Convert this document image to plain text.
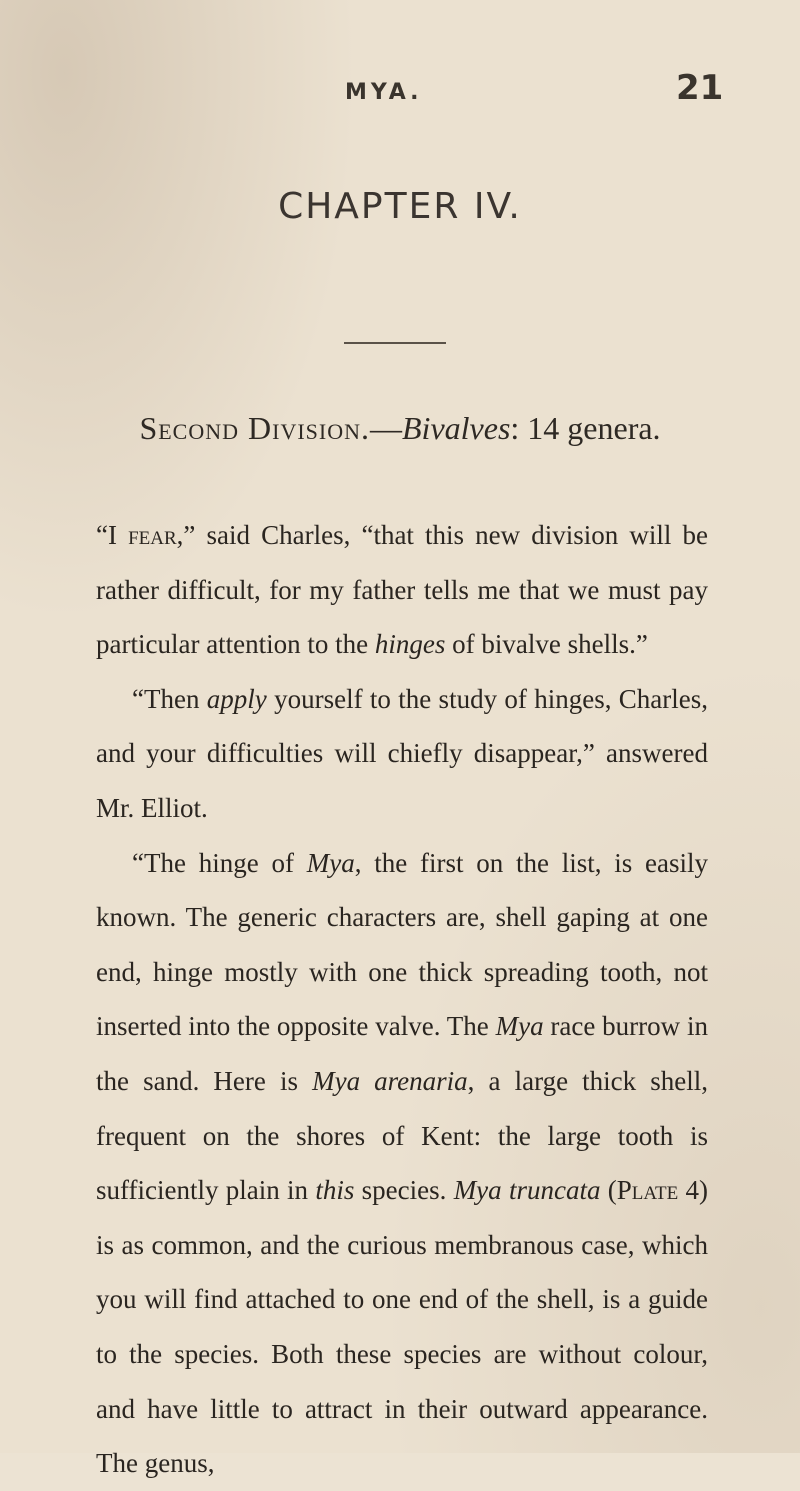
MYA.	21
CHAPTER IV.
Second Division.—Bivalves: 14 genera.

“I fear,” said Charles, “that this new division will be rather difficult, for my father tells me that we must pay particular attention to the hinges of bivalve shells.”

“Then apply yourself to the study of hinges, Charles, and your difficulties will chiefly disappear,” answered Mr. Elliot.

“The hinge of Mya, the first on the list, is easily known. The generic characters are, shell gaping at one end, hinge mostly with one thick spreading tooth, not inserted into the opposite valve. The Mya race burrow in the sand. Here is Mya arenaria, a large thick shell, frequent on the shores of Kent: the large tooth is sufficiently plain in this species. Mya truncata (Plate 4) is as common, and the curious membranous case, which you will find attached to one end of the shell, is a guide to the species. Both these species are without colour, and have little to attract in their outward appearance. The genus,
